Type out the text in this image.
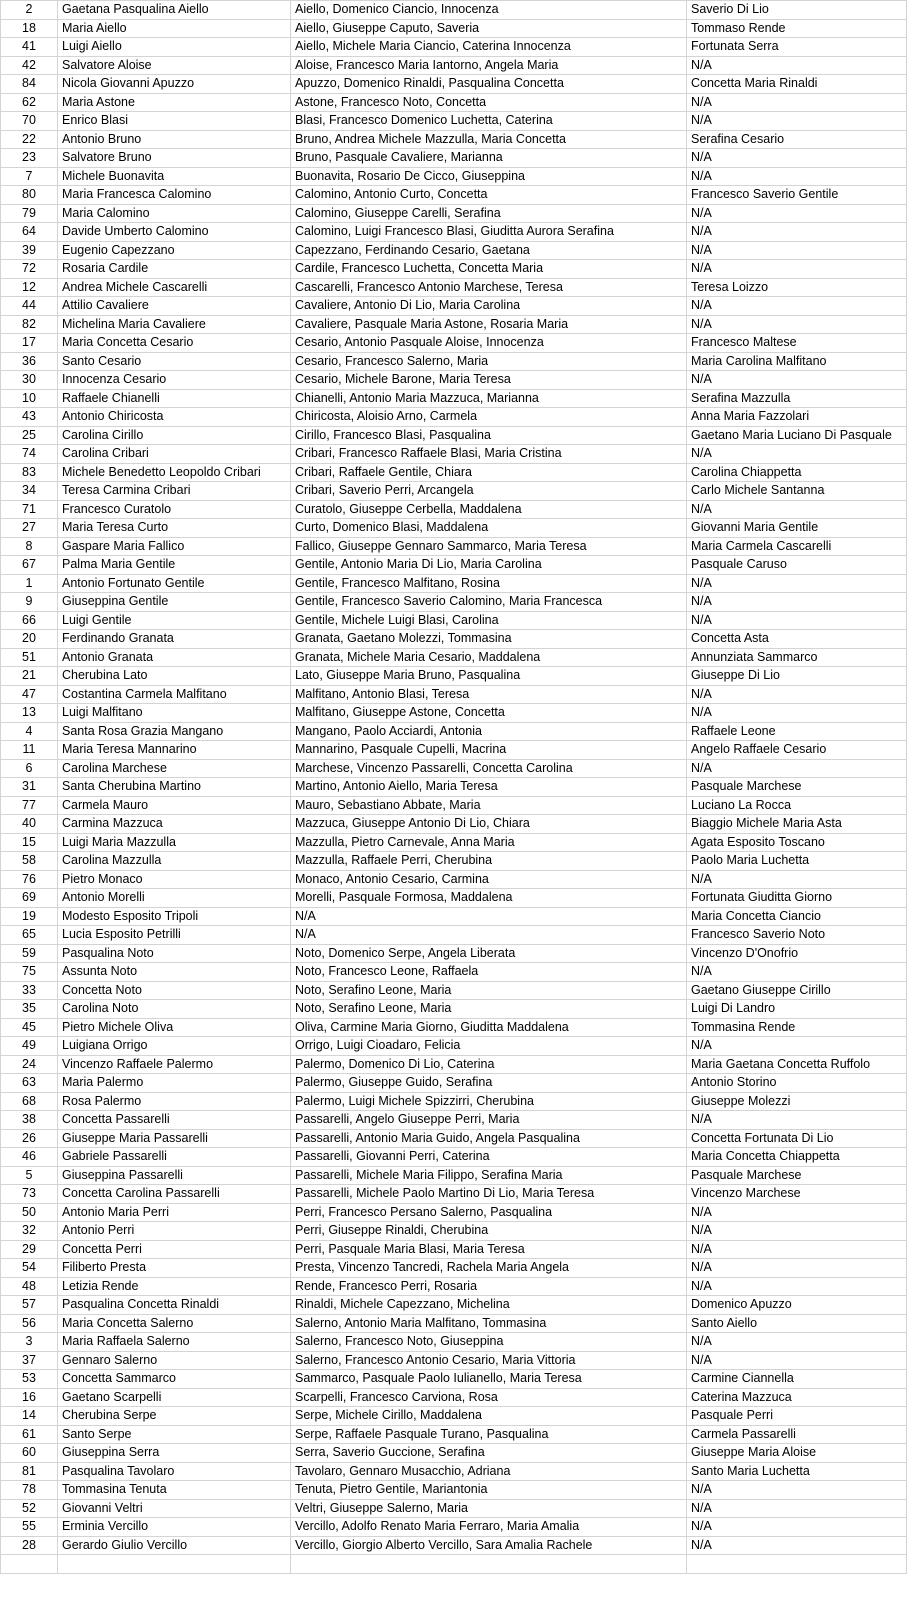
2	Gaetana Pasqualina Aiello	Aiello, Domenico Ciancio, Innocenza	Saverio Di Lio
18	Maria Aiello	Aiello, Giuseppe Caputo, Saveria	Tommaso Rende
41	Luigi Aiello	Aiello, Michele Maria Ciancio, Caterina Innocenza	Fortunata Serra
42	Salvatore Aloise	Aloise, Francesco Maria Iantorno, Angela Maria	N/A
84	Nicola Giovanni Apuzzo	Apuzzo, Domenico Rinaldi, Pasqualina Concetta	Concetta Maria Rinaldi
62	Maria Astone	Astone, Francesco Noto, Concetta	N/A
70	Enrico Blasi	Blasi, Francesco Domenico Luchetta, Caterina	N/A
22	Antonio Bruno	Bruno, Andrea Michele Mazzulla, Maria Concetta	Serafina Cesario
23	Salvatore Bruno	Bruno, Pasquale Cavaliere, Marianna	N/A
7	Michele Buonavita	Buonavita, Rosario De Cicco, Giuseppina	N/A
80	Maria Francesca Calomino	Calomino, Antonio Curto, Concetta	Francesco Saverio Gentile
79	Maria Calomino	Calomino, Giuseppe Carelli, Serafina	N/A
64	Davide Umberto Calomino	Calomino, Luigi Francesco Blasi, Giuditta Aurora Serafina	N/A
39	Eugenio Capezzano	Capezzano, Ferdinando Cesario, Gaetana	N/A
72	Rosaria Cardile	Cardile, Francesco Luchetta, Concetta Maria	N/A
12	Andrea Michele Cascarelli	Cascarelli, Francesco Antonio Marchese, Teresa	Teresa Loizzo
44	Attilio Cavaliere	Cavaliere, Antonio Di Lio, Maria Carolina	N/A
82	Michelina Maria Cavaliere	Cavaliere, Pasquale Maria Astone, Rosaria Maria	N/A
17	Maria Concetta Cesario	Cesario, Antonio Pasquale Aloise, Innocenza	Francesco Maltese
36	Santo Cesario	Cesario, Francesco Salerno, Maria	Maria Carolina Malfitano
30	Innocenza Cesario	Cesario, Michele Barone, Maria Teresa	N/A
10	Raffaele Chianelli	Chianelli, Antonio Maria Mazzuca, Marianna	Serafina Mazzulla
43	Antonio Chiricosta	Chiricosta, Aloisio Arno, Carmela	Anna Maria Fazzolari
25	Carolina Cirillo	Cirillo, Francesco Blasi, Pasqualina	Gaetano Maria Luciano Di Pasquale
74	Carolina Cribari	Cribari, Francesco Raffaele Blasi, Maria Cristina	N/A
83	Michele Benedetto Leopoldo Cribari	Cribari, Raffaele Gentile, Chiara	Carolina Chiappetta
34	Teresa Carmina Cribari	Cribari, Saverio Perri, Arcangela	Carlo Michele Santanna
71	Francesco Curatolo	Curatolo, Giuseppe Cerbella, Maddalena	N/A
27	Maria Teresa Curto	Curto, Domenico Blasi, Maddalena	Giovanni Maria Gentile
8	Gaspare Maria Fallico	Fallico, Giuseppe Gennaro Sammarco, Maria Teresa	Maria Carmela Cascarelli
67	Palma Maria Gentile	Gentile, Antonio Maria Di Lio, Maria Carolina	Pasquale Caruso
1	Antonio Fortunato Gentile	Gentile, Francesco Malfitano, Rosina	N/A
9	Giuseppina Gentile	Gentile, Francesco Saverio Calomino, Maria Francesca	N/A
66	Luigi Gentile	Gentile, Michele Luigi Blasi, Carolina	N/A
20	Ferdinando Granata	Granata, Gaetano Molezzi, Tommasina	Concetta Asta
51	Antonio Granata	Granata, Michele Maria Cesario, Maddalena	Annunziata Sammarco
21	Cherubina Lato	Lato, Giuseppe Maria Bruno, Pasqualina	Giuseppe Di Lio
47	Costantina Carmela Malfitano	Malfitano, Antonio Blasi, Teresa	N/A
13	Luigi Malfitano	Malfitano, Giuseppe Astone, Concetta	N/A
4	Santa Rosa Grazia Mangano	Mangano, Paolo Acciardi, Antonia	Raffaele Leone
11	Maria Teresa Mannarino	Mannarino, Pasquale Cupelli, Macrina	Angelo Raffaele Cesario
6	Carolina Marchese	Marchese, Vincenzo Passarelli, Concetta Carolina	N/A
31	Santa Cherubina Martino	Martino, Antonio Aiello, Maria Teresa	Pasquale Marchese
77	Carmela Mauro	Mauro, Sebastiano Abbate, Maria	Luciano La Rocca
40	Carmina Mazzuca	Mazzuca, Giuseppe Antonio Di Lio, Chiara	Biaggio Michele Maria Asta
15	Luigi Maria Mazzulla	Mazzulla, Pietro Carnevale, Anna Maria	Agata Esposito Toscano
58	Carolina Mazzulla	Mazzulla, Raffaele Perri, Cherubina	Paolo Maria Luchetta
76	Pietro Monaco	Monaco, Antonio Cesario, Carmina	N/A
69	Antonio Morelli	Morelli, Pasquale Formosa, Maddalena	Fortunata Giuditta Giorno
19	Modesto Esposito Tripoli	N/A	Maria Concetta Ciancio
65	Lucia Esposito Petrilli	N/A	Francesco Saverio Noto
59	Pasqualina Noto	Noto, Domenico Serpe, Angela Liberata	Vincenzo D'Onofrio
75	Assunta Noto	Noto, Francesco Leone, Raffaela	N/A
33	Concetta Noto	Noto, Serafino Leone, Maria	Gaetano Giuseppe Cirillo
35	Carolina Noto	Noto, Serafino Leone, Maria	Luigi Di Landro
45	Pietro Michele Oliva	Oliva, Carmine Maria Giorno, Giuditta Maddalena	Tommasina Rende
49	Luigiana Orrigo	Orrigo, Luigi Cioadaro, Felicia	N/A
24	Vincenzo Raffaele Palermo	Palermo, Domenico Di Lio, Caterina	Maria Gaetana Concetta Ruffolo
63	Maria Palermo	Palermo, Giuseppe Guido, Serafina	Antonio Storino
68	Rosa Palermo	Palermo, Luigi Michele Spizzirri, Cherubina	Giuseppe Molezzi
38	Concetta Passarelli	Passarelli, Angelo Giuseppe Perri, Maria	N/A
26	Giuseppe Maria Passarelli	Passarelli, Antonio Maria Guido, Angela Pasqualina	Concetta Fortunata Di Lio
46	Gabriele Passarelli	Passarelli, Giovanni Perri, Caterina	Maria Concetta Chiappetta
5	Giuseppina Passarelli	Passarelli, Michele Maria Filippo, Serafina Maria	Pasquale Marchese
73	Concetta Carolina Passarelli	Passarelli, Michele Paolo Martino Di Lio, Maria Teresa	Vincenzo Marchese
50	Antonio Maria Perri	Perri, Francesco Persano Salerno, Pasqualina	N/A
32	Antonio Perri	Perri, Giuseppe Rinaldi, Cherubina	N/A
29	Concetta Perri	Perri, Pasquale Maria Blasi, Maria Teresa	N/A
54	Filiberto Presta	Presta, Vincenzo Tancredi, Rachela Maria Angela	N/A
48	Letizia Rende	Rende, Francesco Perri, Rosaria	N/A
57	Pasqualina Concetta Rinaldi	Rinaldi, Michele Capezzano, Michelina	Domenico Apuzzo
56	Maria Concetta Salerno	Salerno, Antonio Maria Malfitano, Tommasina	Santo Aiello
3	Maria Raffaela Salerno	Salerno, Francesco Noto, Giuseppina	N/A
37	Gennaro Salerno	Salerno, Francesco Antonio Cesario, Maria Vittoria	N/A
53	Concetta Sammarco	Sammarco, Pasquale Paolo Iulianello, Maria Teresa	Carmine Ciannella
16	Gaetano Scarpelli	Scarpelli, Francesco Carviona, Rosa	Caterina Mazzuca
14	Cherubina Serpe	Serpe, Michele Cirillo, Maddalena	Pasquale Perri
61	Santo Serpe	Serpe, Raffaele Pasquale Turano, Pasqualina	Carmela Passarelli
60	Giuseppina Serra	Serra, Saverio Guccione, Serafina	Giuseppe Maria Aloise
81	Pasqualina Tavolaro	Tavolaro, Gennaro Musacchio, Adriana	Santo Maria Luchetta
78	Tommasina Tenuta	Tenuta, Pietro Gentile, Mariantonia	N/A
52	Giovanni Veltri	Veltri, Giuseppe Salerno, Maria	N/A
55	Erminia Vercillo	Vercillo, Adolfo Renato Maria Ferraro, Maria Amalia	N/A
28	Gerardo Giulio Vercillo	Vercillo, Giorgio Alberto Vercillo, Sara Amalia Rachele	N/A
